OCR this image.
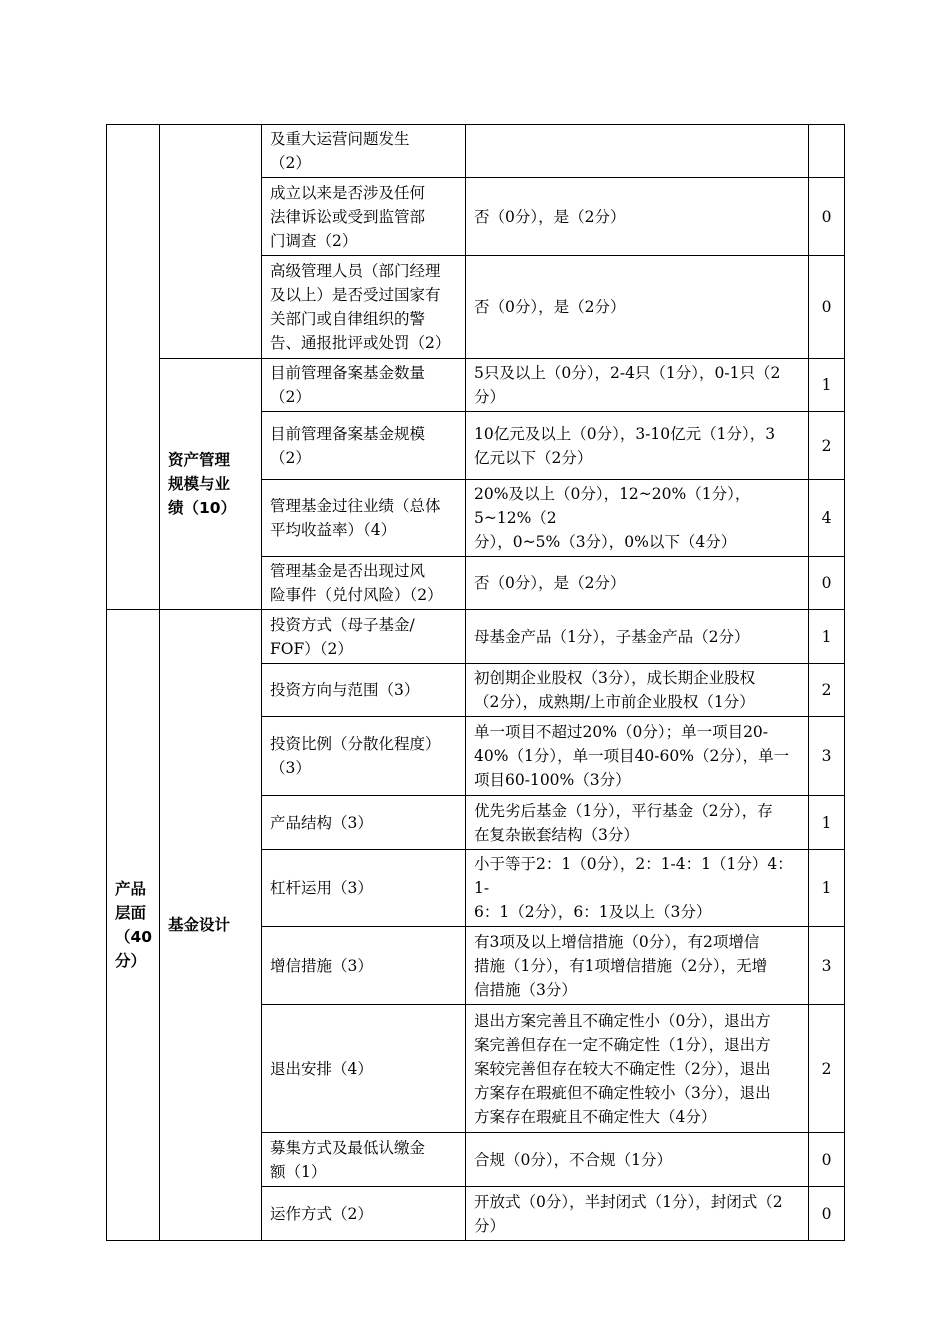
		及重大运营问题发生
（2）		
		成立以来是否涉及任何
法律诉讼或受到监管部
门调查（2）	否（0分），是（2分）	0
		高级管理人员（部门经理
及以上）是否受过国家有
关部门或自律组织的警
告、通报批评或处罚（2）	否（0分），是（2分）	0
	资产管理
规模与业
绩（10）	目前管理备案基金数量
（2）	5只及以上（0分），2-4只（1分），0-1只（2
分）	1
		目前管理备案基金规模
（2）	10亿元及以上（0分），3-10亿元（1分），3
亿元以下（2分）	2
		管理基金过往业绩（总体
平均收益率）（4）	20%及以上（0分），12~20%（1分），5~12%（2
分），0~5%（3分），0%以下（4分）	4
		管理基金是否出现过风
险事件（兑付风险）（2）	否（0分），是（2分）	0
产品
层面
（40
分）	基金设计	投资方式（母子基金/
FOF）（2）	母基金产品（1分），子基金产品（2分）	1
		投资方向与范围（3）	初创期企业股权（3分），成长期企业股权
（2分），成熟期/上市前企业股权（1分）	2
		投资比例（分散化程度）
（3）	单一项目不超过20%（0分）；单一项目20-
40%（1分），单一项目40-60%（2分），单一
项目60-100%（3分）	3
		产品结构（3）	优先劣后基金（1分），平行基金（2分），存
在复杂嵌套结构（3分）	1
		杠杆运用（3）	小于等于2：1（0分），2：1-4：1（1分）4：1-
6：1（2分），6：1及以上（3分）	1
		增信措施（3）	有3项及以上增信措施（0分），有2项增信
措施（1分），有1项增信措施（2分），无增
信措施（3分）	3
		退出安排（4）	退出方案完善且不确定性小（0分），退出方
案完善但存在一定不确定性（1分），退出方
案较完善但存在较大不确定性（2分），退出
方案存在瑕疵但不确定性较小（3分），退出
方案存在瑕疵且不确定性大（4分）	2
		募集方式及最低认缴金
额（1）	合规（0分），不合规（1分）	0
		运作方式（2）	开放式（0分），半封闭式（1分），封闭式（2
分）	0
